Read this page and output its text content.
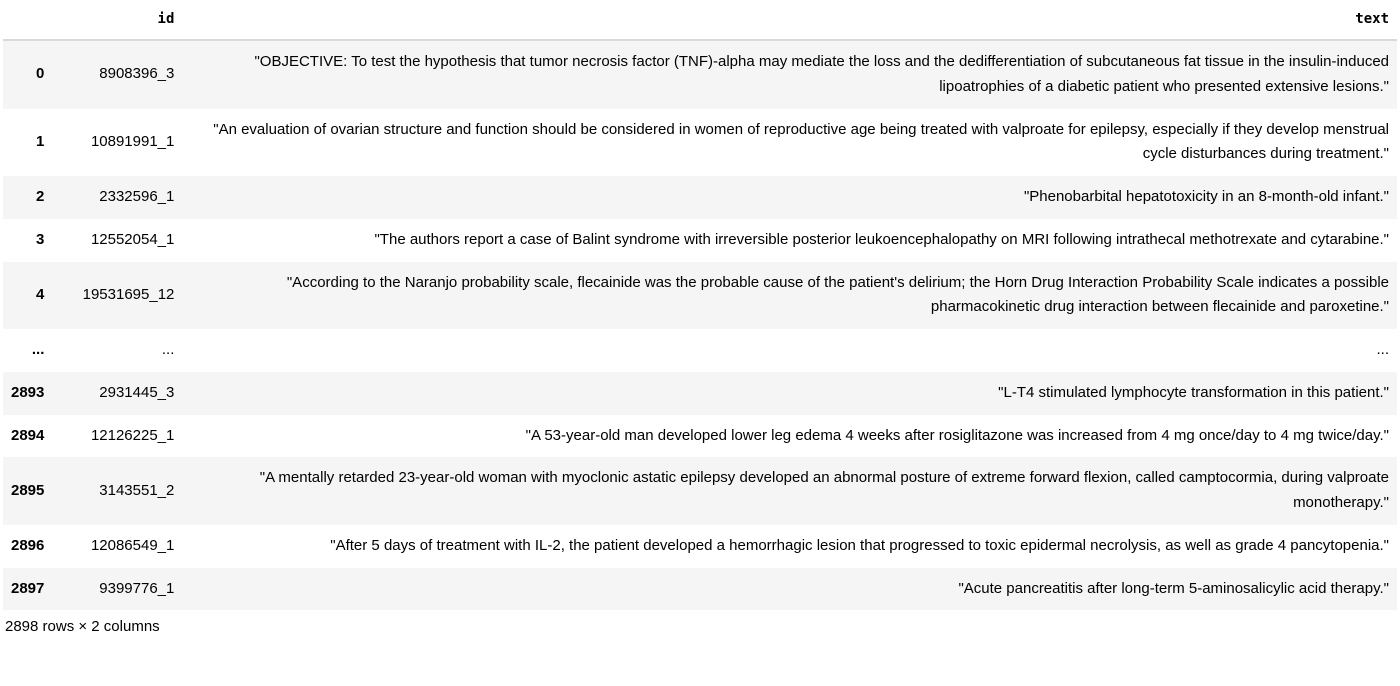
	id	text
0	8908396_3	"OBJECTIVE: To test the hypothesis that tumor necrosis factor (TNF)-alpha may mediate the loss and the dedifferentiation of subcutaneous fat tissue in the insulin-induced lipoatrophies of a diabetic patient who presented extensive lesions."
1	10891991_1	"An evaluation of ovarian structure and function should be considered in women of reproductive age being treated with valproate for epilepsy, especially if they develop menstrual cycle disturbances during treatment."
2	2332596_1	"Phenobarbital hepatotoxicity in an 8-month-old infant."
3	12552054_1	"The authors report a case of Balint syndrome with irreversible posterior leukoencephalopathy on MRI following intrathecal methotrexate and cytarabine."
4	19531695_12	"According to the Naranjo probability scale, flecainide was the probable cause of the patient's delirium; the Horn Drug Interaction Probability Scale indicates a possible pharmacokinetic drug interaction between flecainide and paroxetine."
...	...	...
2893	2931445_3	"L-T4 stimulated lymphocyte transformation in this patient."
2894	12126225_1	"A 53-year-old man developed lower leg edema 4 weeks after rosiglitazone was increased from 4 mg once/day to 4 mg twice/day."
2895	3143551_2	"A mentally retarded 23-year-old woman with myoclonic astatic epilepsy developed an abnormal posture of extreme forward flexion, called camptocormia, during valproate monotherapy."
2896	12086549_1	"After 5 days of treatment with IL-2, the patient developed a hemorrhagic lesion that progressed to toxic epidermal necrolysis, as well as grade 4 pancytopenia."
2897	9399776_1	"Acute pancreatitis after long-term 5-aminosalicylic acid therapy."
2898 rows × 2 columns
